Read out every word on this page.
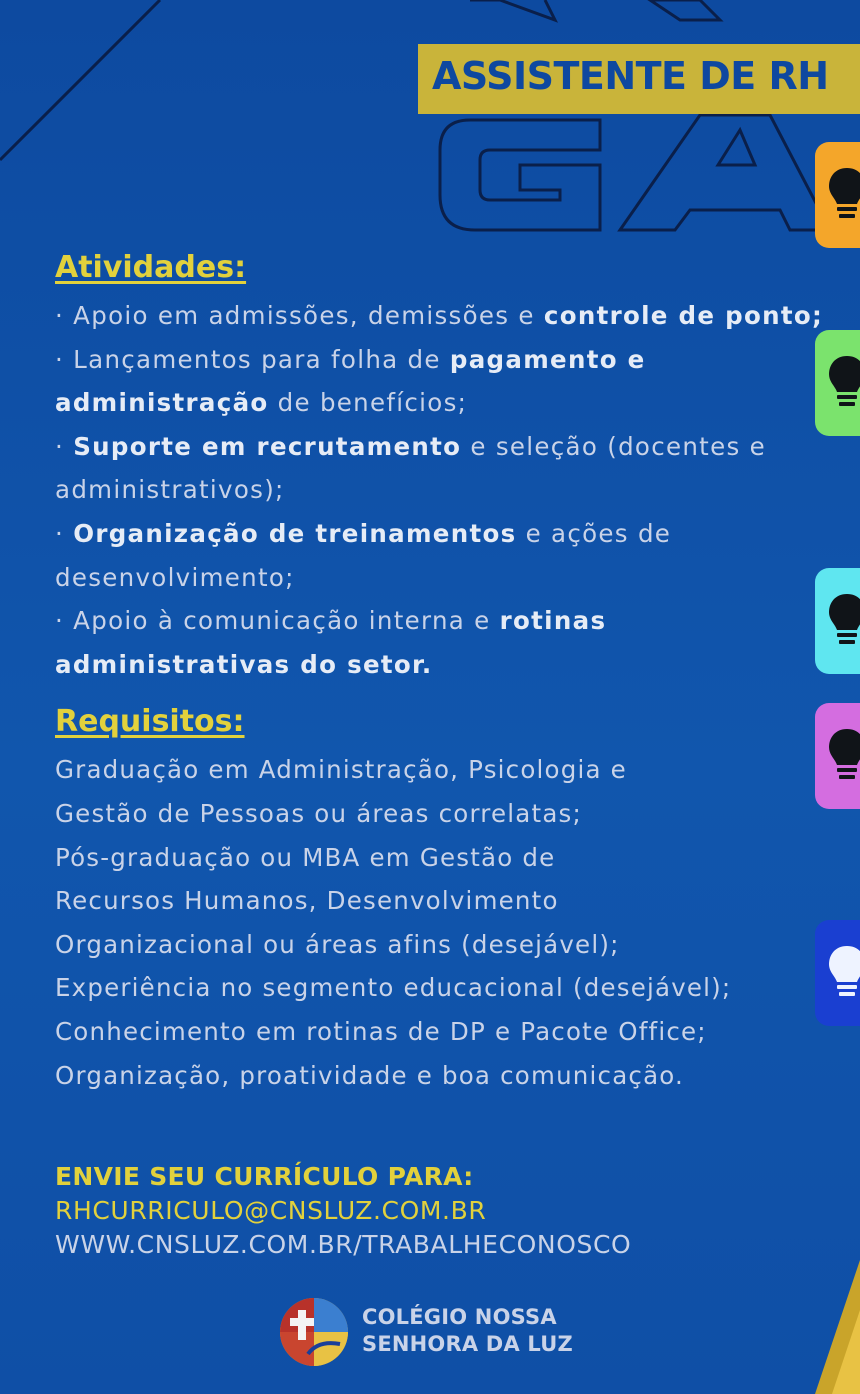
ASSISTENTE DE RH
Atividades:
· Apoio em admissões, demissões e controle de ponto;
· Lançamentos para folha de pagamento e administração de benefícios;
· Suporte em recrutamento e seleção (docentes e administrativos);
· Organização de treinamentos e ações de desenvolvimento;
· Apoio à comunicação interna e rotinas administrativas do setor.
Requisitos:
Graduação em Administração, Psicologia e
Gestão de Pessoas ou áreas correlatas;
Pós-graduação ou MBA em Gestão de
Recursos Humanos, Desenvolvimento
Organizacional ou áreas afins (desejável);
Experiência no segmento educacional (desejável);
Conhecimento em rotinas de DP e Pacote Office;
Organização, proatividade e boa comunicação.
ENVIE SEU CURRÍCULO PARA:
RHCURRICULO@CNSLUZ.COM.BR
WWW.CNSLUZ.COM.BR/TRABALHECONOSCO
COLÉGIO NOSSA
SENHORA DA LUZ
